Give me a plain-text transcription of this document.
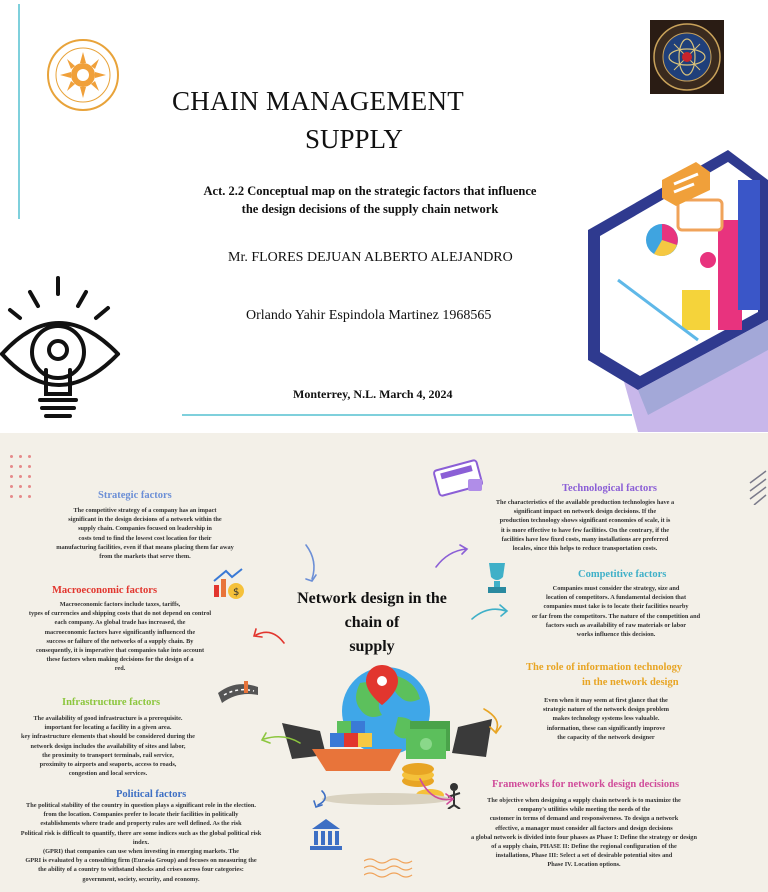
CHAIN MANAGEMENT
SUPPLY
Act. 2.2 Conceptual map on the strategic factors that influence
the design decisions of the supply chain network
Mr. FLORES DEJUAN ALBERTO ALEJANDRO
Orlando Yahir Espindola Martinez 1968565
Monterrey, N.L. March 4, 2024
Strategic factors
The competitive strategy of a company has an impact
significant in the design decisions of a network within the
supply chain. Companies focused on leadership in
costs tend to find the lowest cost location for their
manufacturing facilities, even if that means placing them far away
from the markets that serve them.
Macroeconomic factors
Macroeconomic factors include taxes, tariffs,
types of currencies and shipping costs that do not depend on control
each company. As global trade has increased, the
macroeconomic factors have significantly influenced the
success or failure of the networks of a supply chain. By
consequently, it is imperative that companies take into account
these factors when making decisions for the design of a
red.
Infrastructure factors
The availability of good infrastructure is a prerequisite.
important for locating a facility in a given area.
key infrastructure elements that should be considered during the
network design includes the availability of sites and labor,
the proximity to transport terminals, rail service,
proximity to airports and seaports, access to roads,
congestion and local services.
Political factors
The political stability of the country in question plays a significant role in the election.
from the location. Companies prefer to locate their facilities in politically
establishments where trade and property rules are well defined. As the risk
Political risk is difficult to quantify, there are some indices such as the global political risk index.
(GPRI) that companies can use when investing in emerging markets. The
GPRI is evaluated by a consulting firm (Eurasia Group) and focuses on measuring the
the ability of a country to withstand shocks and crises across four categories:
government, society, security, and economy.
Technological factors
The characteristics of the available production technologies have a
significant impact on network design decisions. If the
production technology shows significant economies of scale, it is
it is more effective to have few facilities. On the contrary, if the
facilities have low fixed costs, many installations are preferred
locales, since this helps to reduce transportation costs.
Competitive factors
Companies must consider the strategy, size and
location of competitors. A fundamental decision that
companies must take is to locate their facilities nearby
or far from the competitors. The nature of the competition and
factors such as availability of raw materials or labor
works influence this decision.
The role of information technology
in the network design
Even when it may seem at first glance that the
strategic nature of the network design problem
makes technology systems less valuable.
information, these can significantly improve
the capacity of the network designer
Frameworks for network design decisions
The objective when designing a supply chain network is to maximize the
company's utilities while meeting the needs of the
customer in terms of demand and responsiveness. To design a network
effective, a manager must consider all factors and design decisions
a global network is divided into four phases as Phase I: Define the strategy or design
of a supply chain, PHASE II: Define the regional configuration of the
installations, Phase III: Select a set of desirable potential sites and
Phase IV. Location options.
Network design in the
chain of
supply
$
